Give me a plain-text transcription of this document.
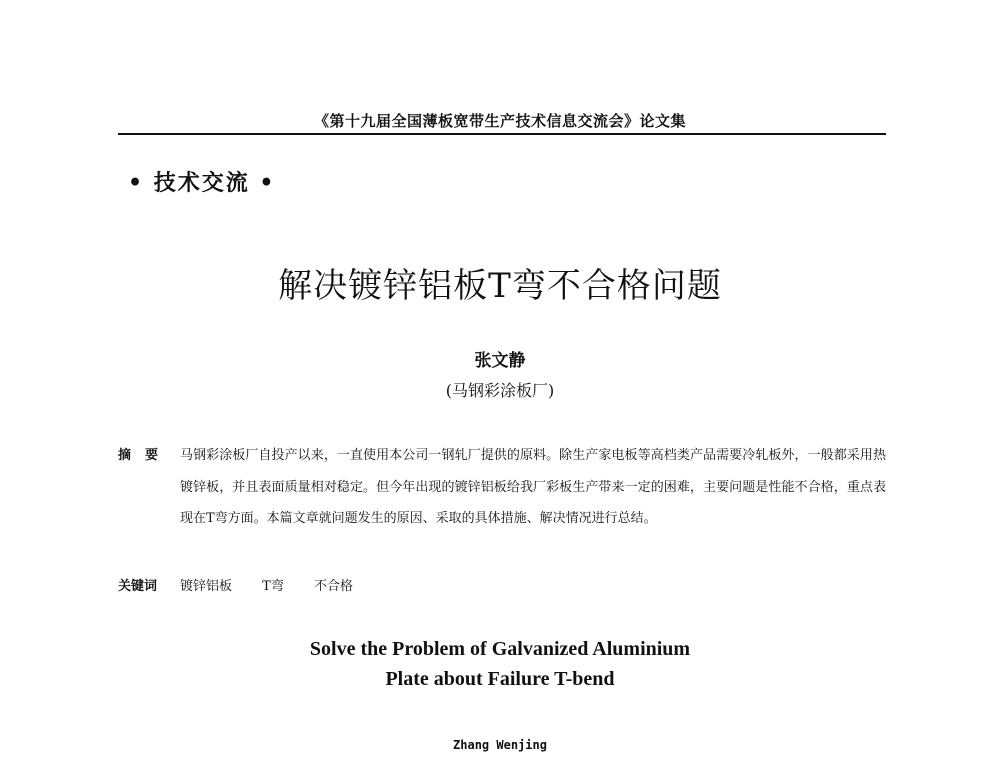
《第十九届全国薄板宽带生产技术信息交流会》论文集
• 技术交流 •
解决镀锌铝板T弯不合格问题
张文静
(马钢彩涂板厂)
摘要 马钢彩涂板厂自投产以来，一直使用本公司一钢轧厂提供的原料。除生产家电板等高档类产品需要冷轧板外，一般都采用热镀锌板，并且表面质量相对稳定。但今年出现的镀锌铝板给我厂彩板生产带来一定的困难，主要问题是性能不合格，重点表现在T弯方面。本篇文章就问题发生的原因、采取的具体措施、解决情况进行总结。
关键词 镀锌铝板 T弯 不合格
Solve the Problem of Galvanized Aluminium
Plate about Failure T-bend
Zhang Wenjing
